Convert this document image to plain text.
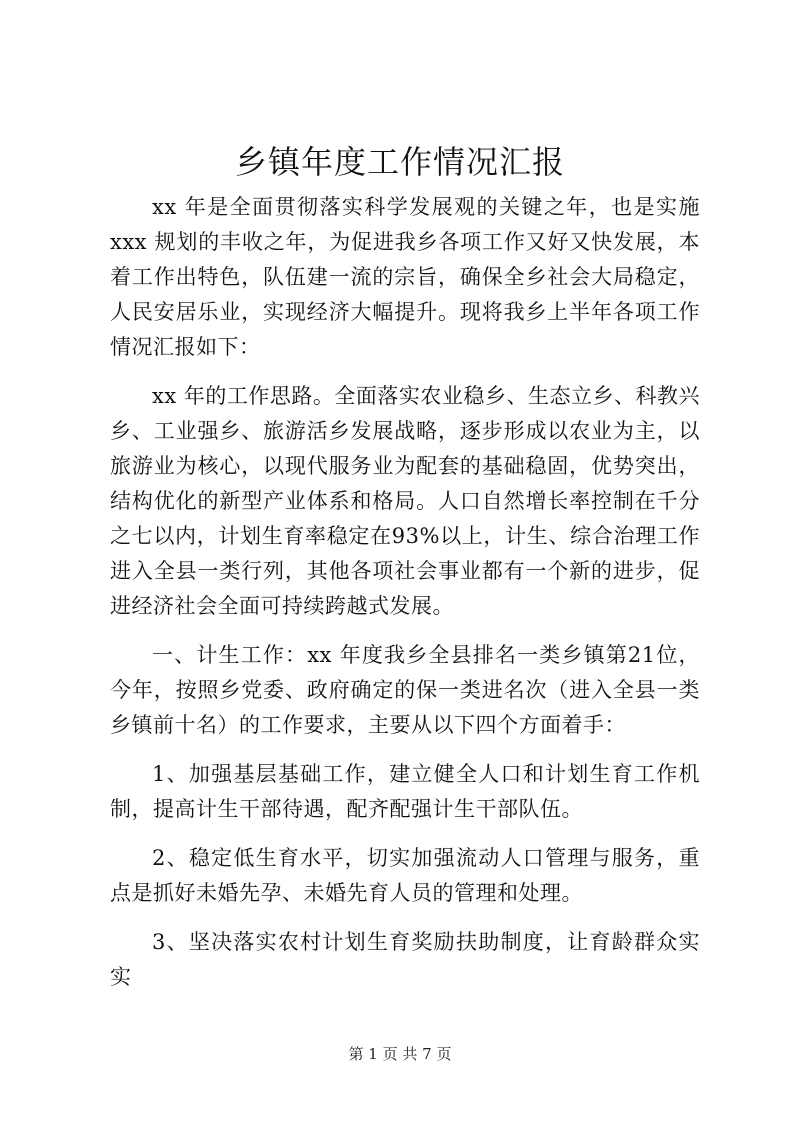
乡镇年度工作情况汇报

xx 年是全面贯彻落实科学发展观的关键之年，也是实施 xxx 规划的丰收之年，为促进我乡各项工作又好又快发展，本着工作出特色，队伍建一流的宗旨，确保全乡社会大局稳定，人民安居乐业，实现经济大幅提升。现将我乡上半年各项工作情况汇报如下：

xx 年的工作思路。全面落实农业稳乡、生态立乡、科教兴乡、工业强乡、旅游活乡发展战略，逐步形成以农业为主，以旅游业为核心，以现代服务业为配套的基础稳固，优势突出，结构优化的新型产业体系和格局。人口自然增长率控制在千分之七以内，计划生育率稳定在93%以上，计生、综合治理工作进入全县一类行列，其他各项社会事业都有一个新的进步，促进经济社会全面可持续跨越式发展。

一、计生工作：xx 年度我乡全县排名一类乡镇第21位，今年，按照乡党委、政府确定的保一类进名次（进入全县一类乡镇前十名）的工作要求，主要从以下四个方面着手：

1、加强基层基础工作，建立健全人口和计划生育工作机制，提高计生干部待遇，配齐配强计生干部队伍。

2、稳定低生育水平，切实加强流动人口管理与服务，重点是抓好未婚先孕、未婚先育人员的管理和处理。

3、坚决落实农村计划生育奖励扶助制度，让育龄群众实实

第 1 页 共 7 页
